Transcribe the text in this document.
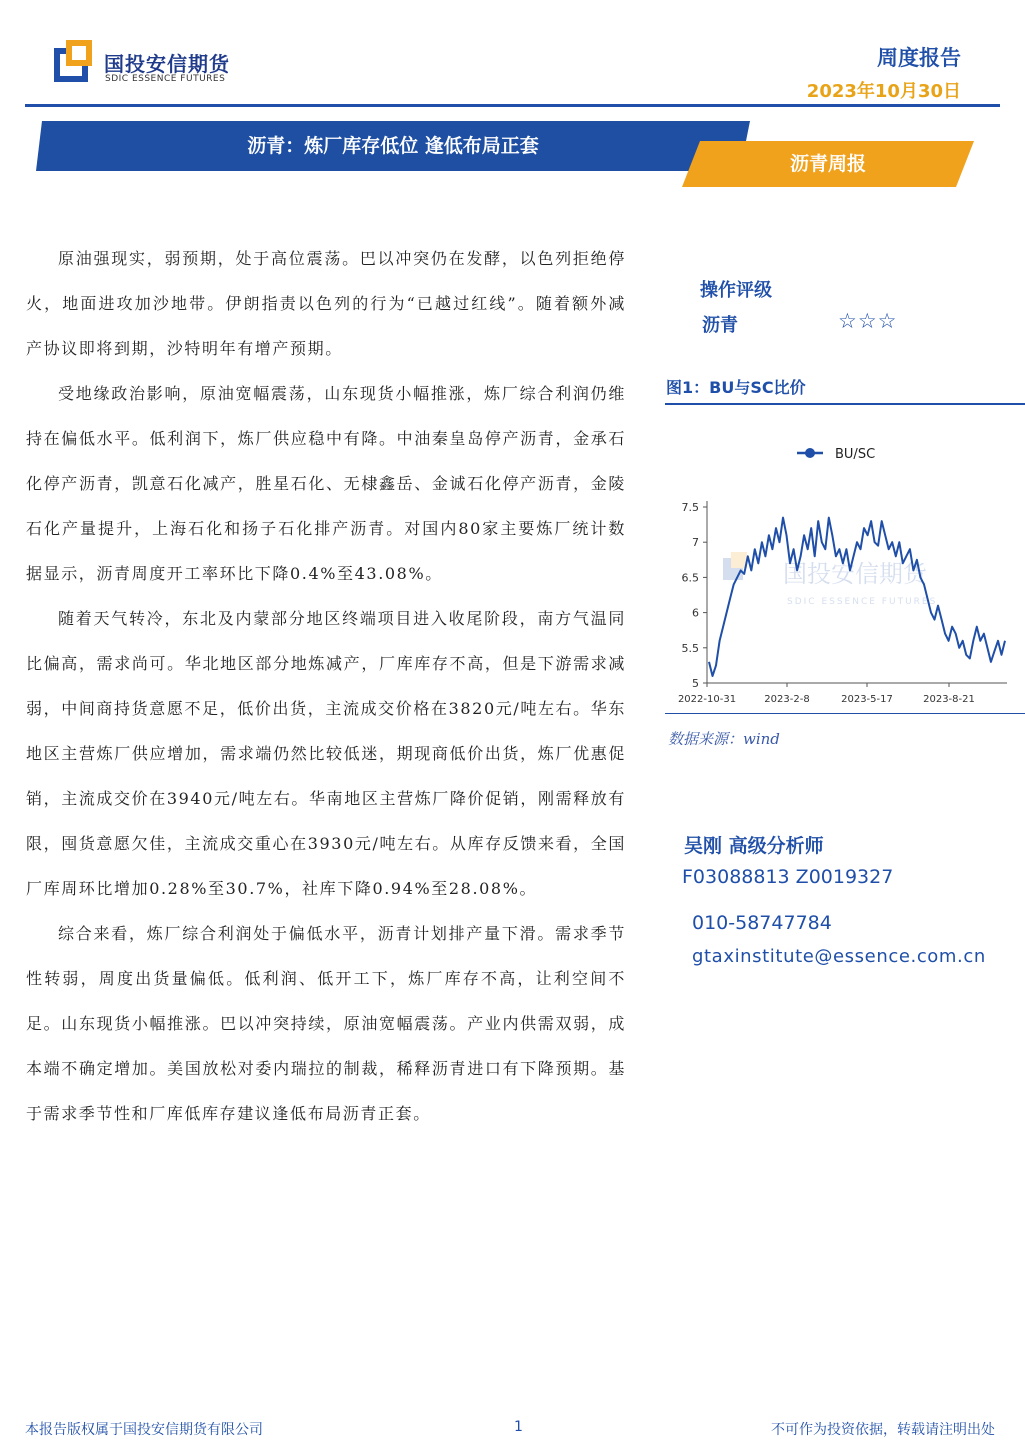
国投安信期货
SDIC ESSENCE FUTURES
周度报告
2023年10月30日
沥青：炼厂库存低位 逢低布局正套
沥青周报

原油强现实，弱预期，处于高位震荡。巴以冲突仍在发酵，以色列拒绝停火，地面进攻加沙地带。伊朗指责以色列的行为“已越过红线”。随着额外减产协议即将到期，沙特明年有增产预期。

受地缘政治影响，原油宽幅震荡，山东现货小幅推涨，炼厂综合利润仍维持在偏低水平。低利润下，炼厂供应稳中有降。中油秦皇岛停产沥青，金承石化停产沥青，凯意石化减产，胜星石化、无棣鑫岳、金诚石化停产沥青，金陵石化产量提升，上海石化和扬子石化排产沥青。对国内80家主要炼厂统计数据显示，沥青周度开工率环比下降0.4%至43.08%。

随着天气转冷，东北及内蒙部分地区终端项目进入收尾阶段，南方气温同比偏高，需求尚可。华北地区部分地炼减产，厂库库存不高，但是下游需求减弱，中间商持货意愿不足，低价出货，主流成交价格在3820元/吨左右。华东地区主营炼厂供应增加，需求端仍然比较低迷，期现商低价出货，炼厂优惠促销，主流成交价在3940元/吨左右。华南地区主营炼厂降价促销，刚需释放有限，囤货意愿欠佳，主流成交重心在3930元/吨左右。从库存反馈来看，全国厂库周环比增加0.28%至30.7%，社库下降0.94%至28.08%。

综合来看，炼厂综合利润处于偏低水平，沥青计划排产量下滑。需求季节性转弱，周度出货量偏低。低利润、低开工下，炼厂库存不高，让利空间不足。山东现货小幅推涨。巴以冲突持续，原油宽幅震荡。产业内供需双弱，成本端不确定增加。美国放松对委内瑞拉的制裁，稀释沥青进口有下降预期。基于需求季节性和厂库低库存建议逢低布局沥青正套。

操作评级
沥青	☆☆☆
图1：BU与SC比价
BU/SC
国投安信期货
SDIC ESSENCE FUTURES
5
5.5
6
6.5
7
7.5
2022-10-31	2023-2-8	2023-5-17	2023-8-21
数据来源：wind
吴刚 高级分析师
F03088813 Z0019327
010-58747784
gtaxinstitute@essence.com.cn
本报告版权属于国投安信期货有限公司	1	不可作为投资依据，转载请注明出处
